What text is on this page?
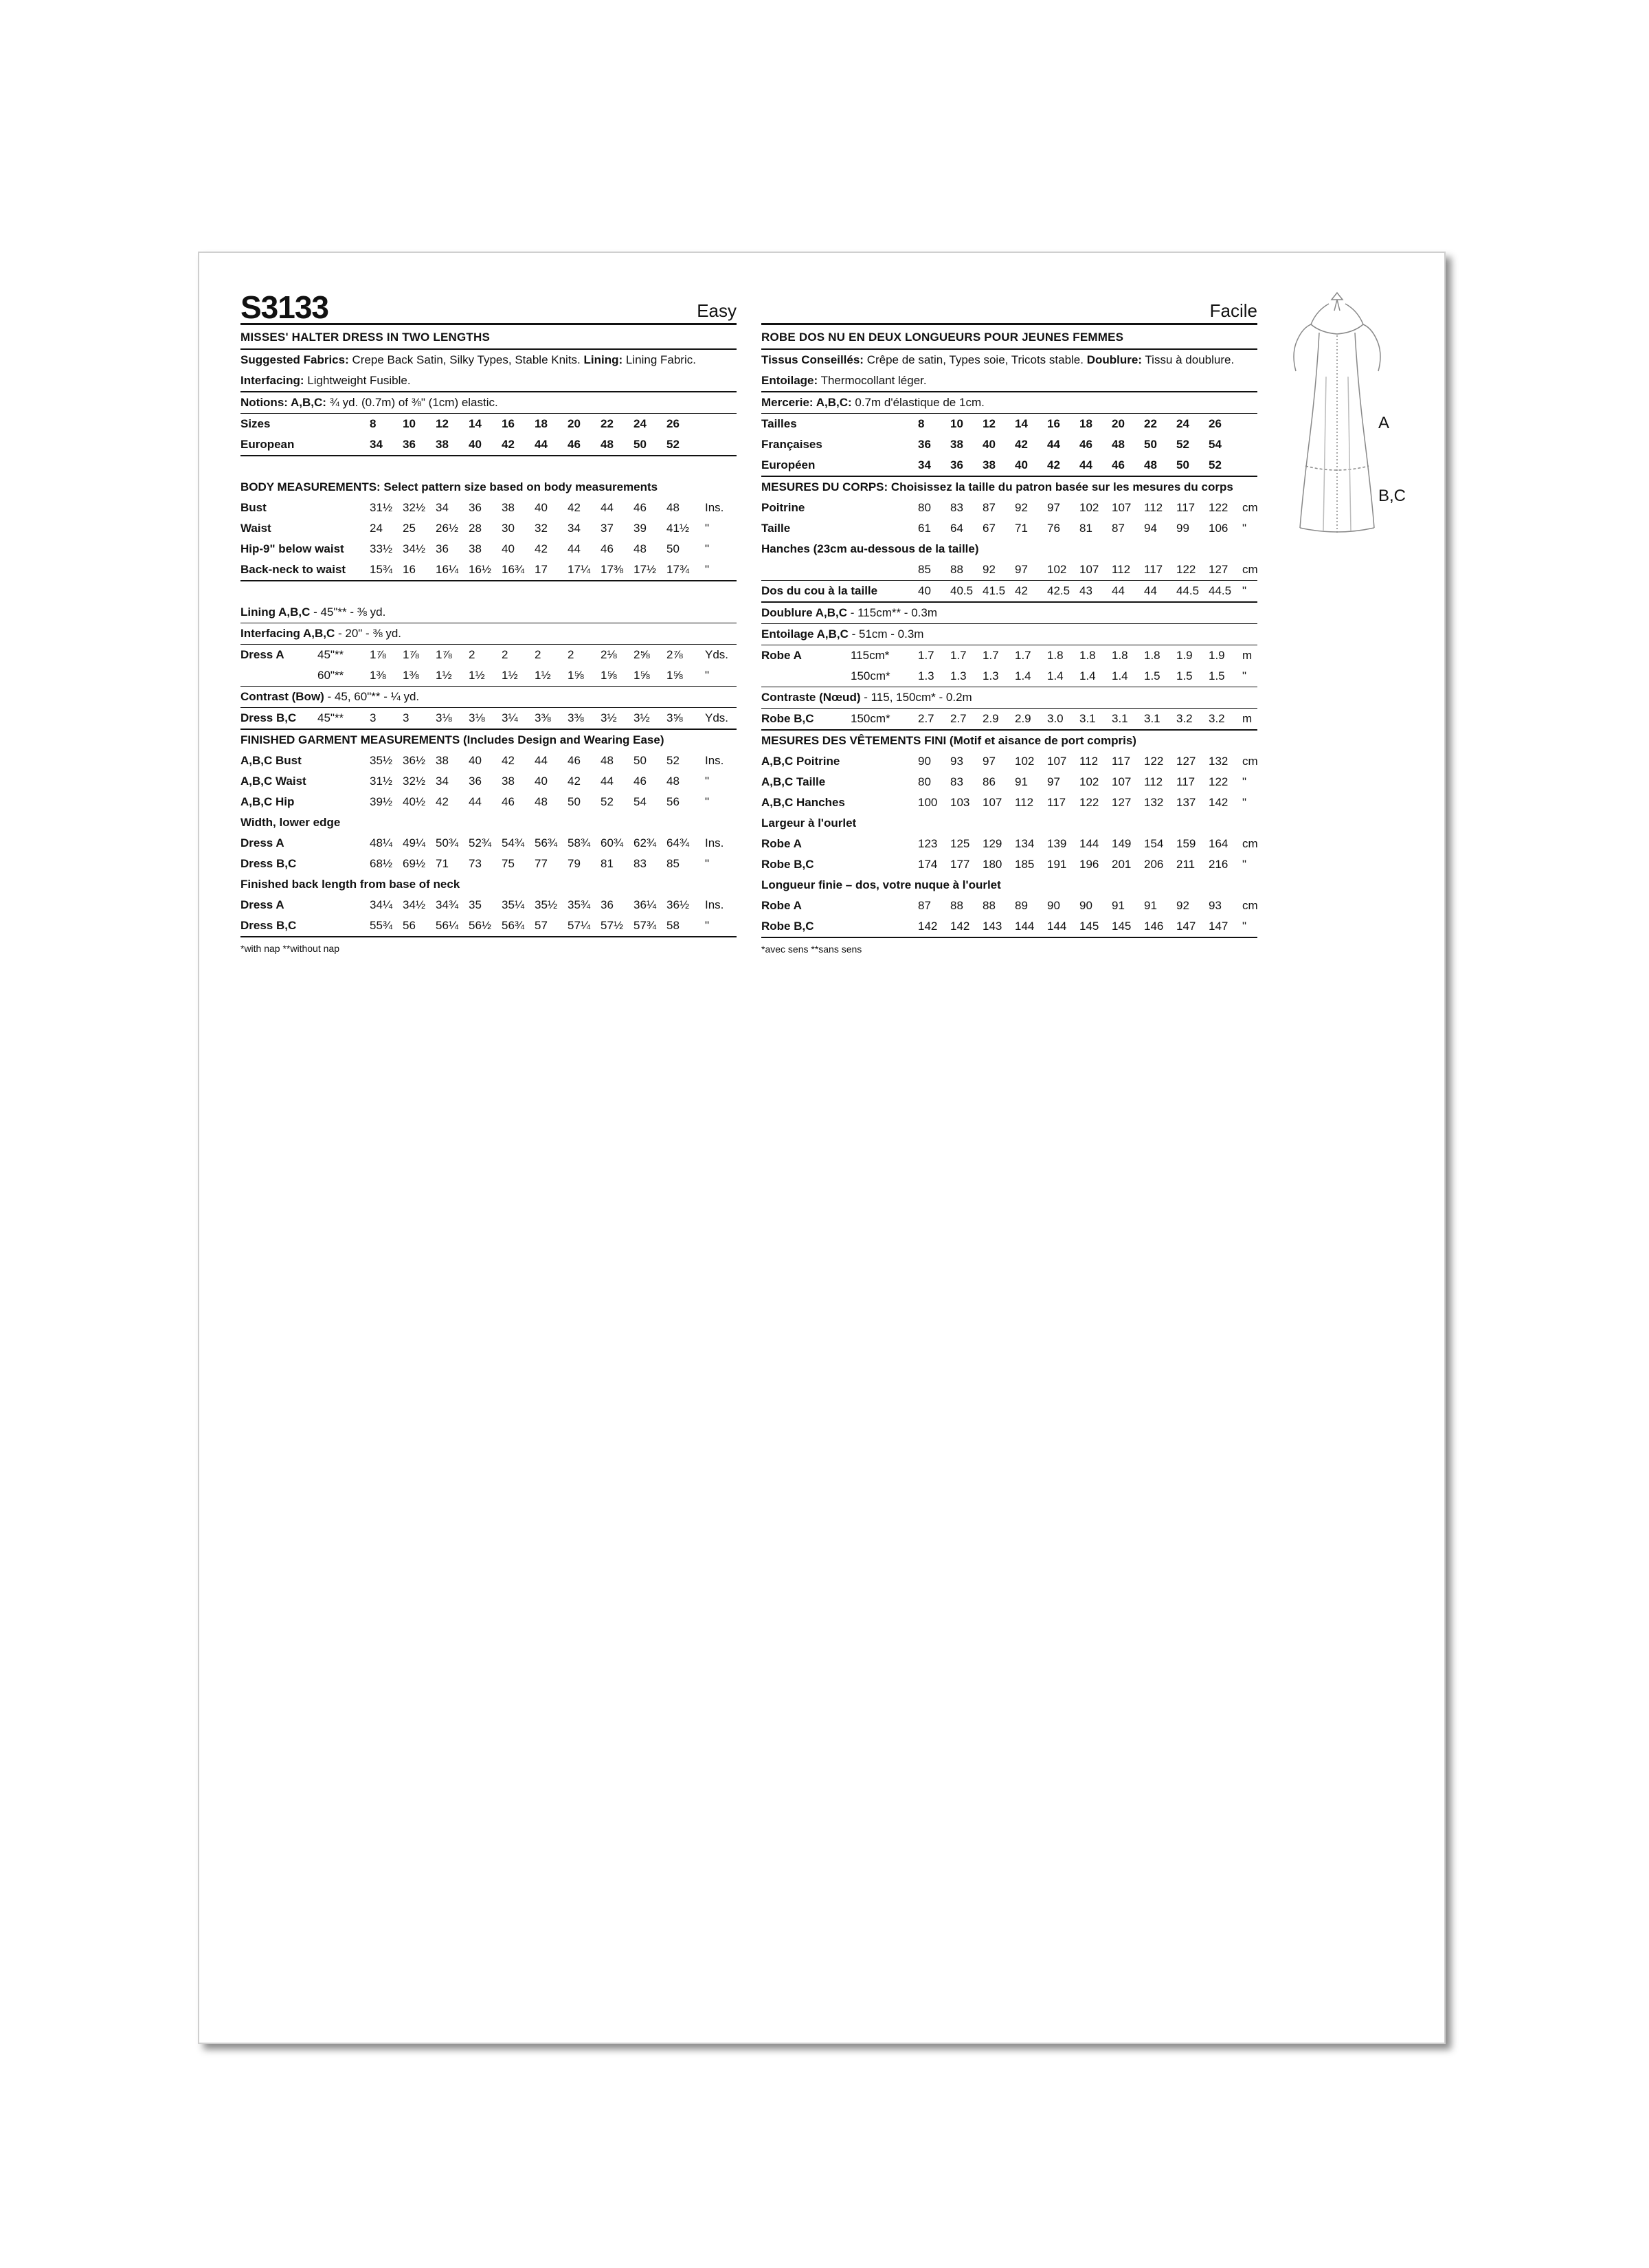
S3133	Easy
MISSES' HALTER DRESS IN TWO LENGTHS
Suggested Fabrics: Crepe Back Satin, Silky Types, Stable Knits. Lining: Lining Fabric.
Interfacing: Lightweight Fusible.
Notions: A,B,C: ¾ yd. (0.7m) of ⅜" (1cm) elastic.
Sizes	8 10 12 14 16 18 20 22 24 26
European	34 36 38 40 42 44 46 48 50 52
BODY MEASUREMENTS: Select pattern size based on body measurements
Bust	31½ 32½ 34 36 38 40 42 44 46 48 Ins.
Waist	24 25 26½ 28 30 32 34 37 39 41½ "
Hip-9" below waist 33½ 34½ 36 38 40 42 44 46 48 50 "
Back-neck to waist 15¾ 16 16¼ 16½ 16¾ 17 17¼ 17⅜ 17½ 17¾ "
Lining A,B,C - 45"** - ⅜ yd.
Interfacing A,B,C - 20" - ⅜ yd.
Dress A	45"** 1⅞ 1⅞ 1⅞ 2 2 2 2 2⅛ 2⅝ 2⅞ Yds.
60"** 1⅜ 1⅜ 1½ 1½ 1½ 1½ 1⅝ 1⅝ 1⅝ 1⅝ "
Contrast (Bow) - 45, 60"** - ¼ yd.
Dress B,C 45"** 3 3 3⅛ 3⅛ 3¼ 3⅜ 3⅜ 3½ 3½ 3⅝ Yds.
FINISHED GARMENT MEASUREMENTS (Includes Design and Wearing Ease)
A,B,C Bust	35½ 36½ 38 40 42 44 46 48 50 52 Ins.
A,B,C Waist	31½ 32½ 34 36 38 40 42 44 46 48 "
A,B,C Hip	39½ 40½ 42 44 46 48 50 52 54 56 "
Width, lower edge
Dress A	48¼ 49¼ 50¾ 52¾ 54¾ 56¾ 58¾ 60¾ 62¾ 64¾ Ins.
Dress B,C	68½ 69½ 71 73 75 77 79 81 83 85 "
Finished back length from base of neck
Dress A	34¼ 34½ 34¾ 35 35¼ 35½ 35¾ 36 36¼ 36½ Ins.
Dress B,C	55¾ 56 56¼ 56½ 56¾ 57 57¼ 57½ 57¾ 58 "
*with nap **without nap
Facile
ROBE DOS NU EN DEUX LONGUEURS POUR JEUNES FEMMES
Tissus Conseillés: Crêpe de satin, Types soie, Tricots stable. Doublure: Tissu à doublure.
Entoilage: Thermocollant léger.
Mercerie: A,B,C: 0.7m d'élastique de 1cm.
Tailles	8 10 12 14 16 18 20 22 24 26
Françaises	36 38 40 42 44 46 48 50 52 54
Européen	34 36 38 40 42 44 46 48 50 52
MESURES DU CORPS: Choisissez la taille du patron basée sur les mesures du corps
Poitrine	80 83 87 92 97 102 107 112 117 122 cm
Taille	61 64 67 71 76 81 87 94 99 106 "
Hanches (23cm au-dessous de la taille)
85 88 92 97 102 107 112 117 122 127 cm
Dos du cou à la taille	40 40.5 41.5 42 42.5 43 44 44 44.5 44.5 "
Doublure A,B,C - 115cm** - 0.3m
Entoilage A,B,C - 51cm - 0.3m
Robe A	115cm* 1.7 1.7 1.7 1.7 1.8 1.8 1.8 1.8 1.9 1.9 m
150cm* 1.3 1.3 1.3 1.4 1.4 1.4 1.4 1.5 1.5 1.5 "
Contraste (Nœud) - 115, 150cm* - 0.2m
Robe B,C	150cm* 2.7 2.7 2.9 2.9 3.0 3.1 3.1 3.1 3.2 3.2 m
MESURES DES VÊTEMENTS FINI (Motif et aisance de port compris)
A,B,C Poitrine	90 93 97 102 107 112 117 122 127 132 cm
A,B,C Taille	80 83 86 91 97 102 107 112 117 122 "
A,B,C Hanches	100 103 107 112 117 122 127 132 137 142 "
Largeur à l'ourlet
Robe A	123 125 129 134 139 144 149 154 159 164 cm
Robe B,C	174 177 180 185 191 196 201 206 211 216 "
Longueur finie – dos, votre nuque à l'ourlet
Robe A	87 88 88 89 90 90 91 91 92 93 cm
Robe B,C	142 142 143 144 144 145 145 146 147 147 "
*avec sens **sans sens
A
B,C
